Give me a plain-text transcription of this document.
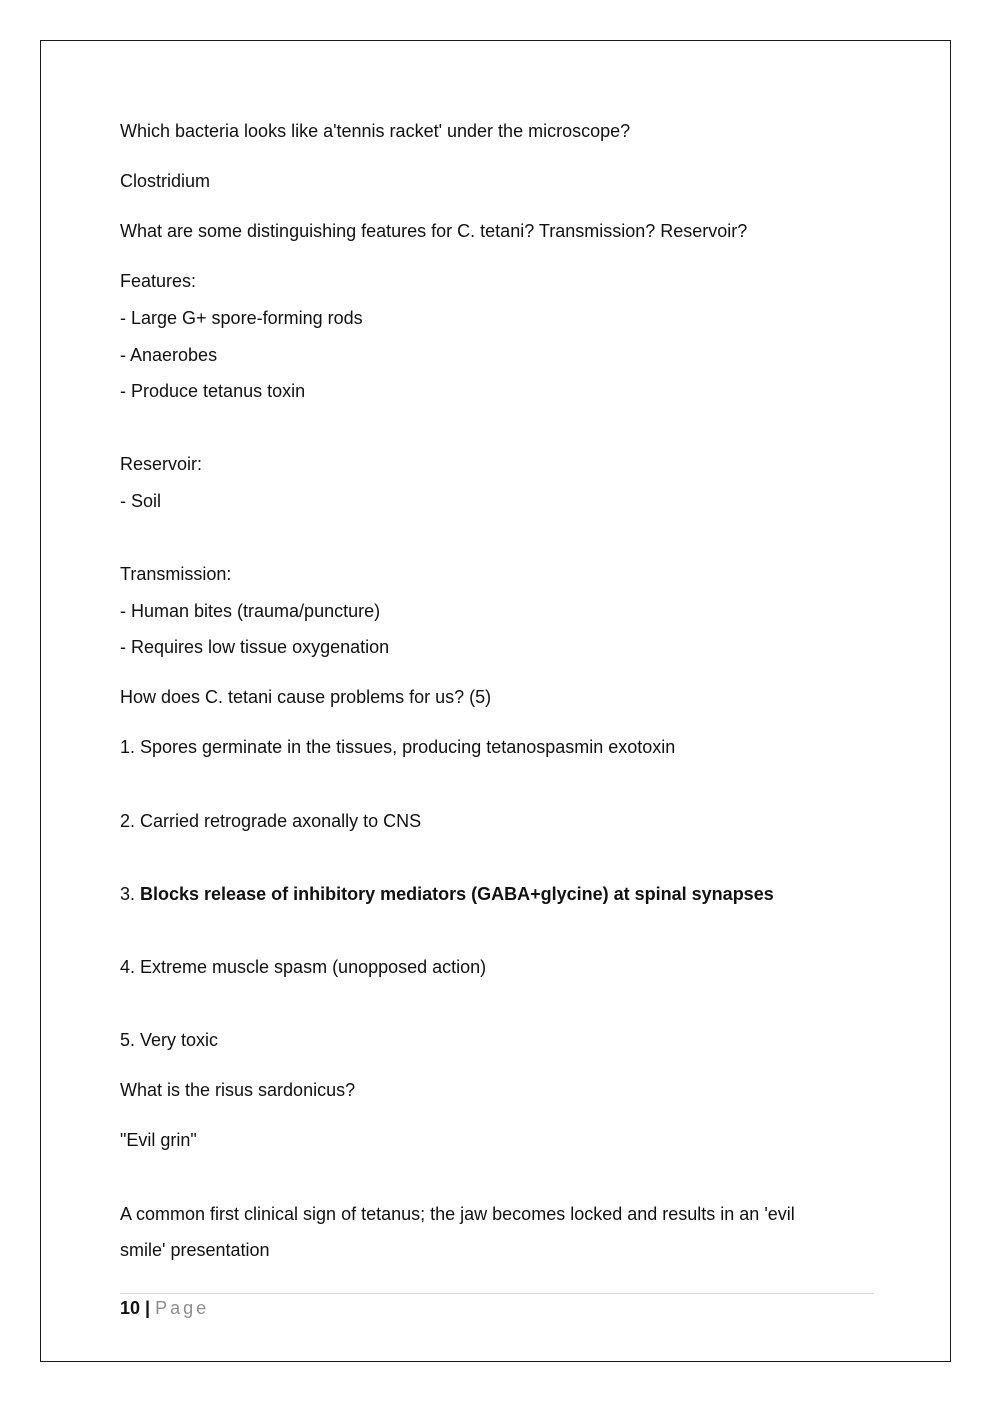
Which bacteria looks like a'tennis racket' under the microscope?

Clostridium

What are some distinguishing features for C. tetani? Transmission? Reservoir?

Features:

- Large G+ spore-forming rods

- Anaerobes

- Produce tetanus toxin

Reservoir:

- Soil

Transmission:

- Human bites (trauma/puncture)

- Requires low tissue oxygenation

How does C. tetani cause problems for us? (5)

1. Spores germinate in the tissues, producing tetanospasmin exotoxin

2. Carried retrograde axonally to CNS

3. Blocks release of inhibitory mediators (GABA+glycine) at spinal synapses

4. Extreme muscle spasm (unopposed action)

5. Very toxic

What is the risus sardonicus?

"Evil grin"

A common first clinical sign of tetanus; the jaw becomes locked and results in an 'evil

smile' presentation

10 | Page
